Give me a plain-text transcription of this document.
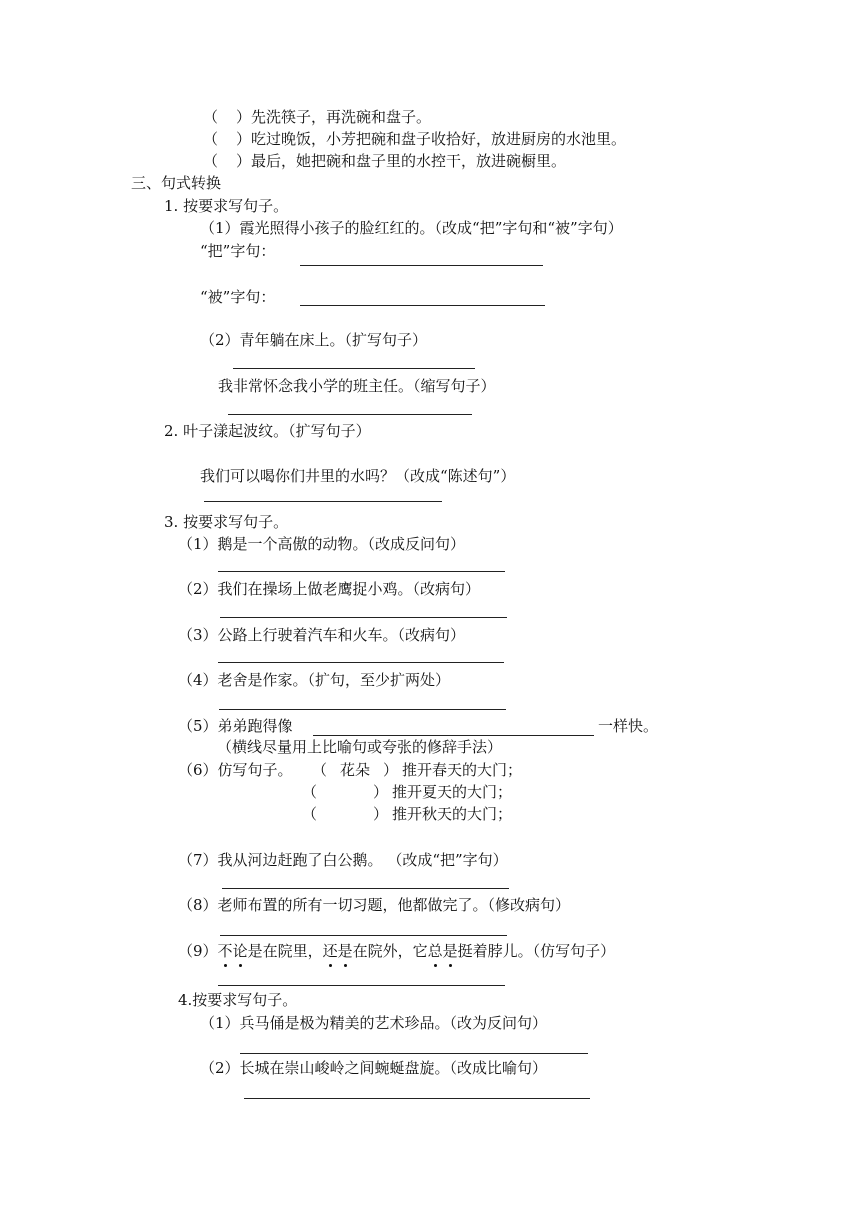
（ ）先洗筷子，再洗碗和盘子。
（ ）吃过晚饭，小芳把碗和盘子收拾好，放进厨房的水池里。
（ ）最后，她把碗和盘子里的水控干，放进碗橱里。
三、句式转换
1. 按要求写句子。
（1）霞光照得小孩子的脸红红的。（改成“把”字句和“被”字句）
“把”字句：
“被”字句：
（2）青年躺在床上。（扩写句子）
我非常怀念我小学的班主任。（缩写句子）
2. 叶子漾起波纹。（扩写句子）
我们可以喝你们井里的水吗？（改成“陈述句”）
3. 按要求写句子。
（1）鹅是一个高傲的动物。（改成反问句）
（2）我们在操场上做老鹰捉小鸡。（改病句）
（3）公路上行驶着汽车和火车。（改病句）
（4）老舍是作家。（扩句，至少扩两处）
（5）弟弟跑得像	一样快。
（横线尽量用上比喻句或夸张的修辞手法）
（6）仿写句子。 （ 花朵 ） 推开春天的大门；
（	） 推开夏天的大门；
（	） 推开秋天的大门；
（7）我从河边赶跑了白公鹅。 （改成“把”字句）
（8）老师布置的所有一切习题，他都做完了。（修改病句）
（9）不论是在院里，还是在院外，它总是挺着脖儿。（仿写句子）
4.按要求写句子。
（1）兵马俑是极为精美的艺术珍品。（改为反问句）
（2）长城在崇山峻岭之间蜿蜒盘旋。（改成比喻句）
